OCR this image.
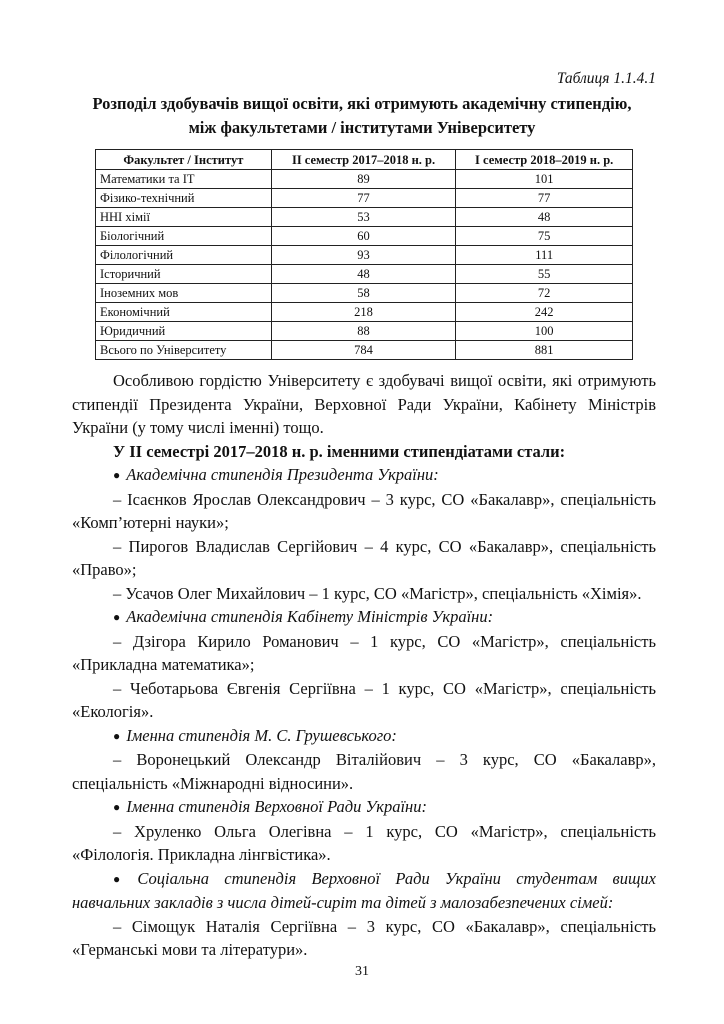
Таблиця 1.1.4.1
Розподіл здобувачів вищої освіти, які отримують академічну стипендію,
між факультетами / інститутами Університету
Факультет / Інститут	ІІ семестр 2017–2018 н. р.	І семестр 2018–2019 н. р.
Математики та ІТ	89	101
Фізико-технічний	77	77
ННІ хімії	53	48
Біологічний	60	75
Філологічний	93	111
Історичний	48	55
Іноземних мов	58	72
Економічний	218	242
Юридичний	88	100
Всього по Університету	784	881

Особливою гордістю Університету є здобувачі вищої освіти, які отримують стипендії Президента України, Верховної Ради України, Кабінету Міністрів України (у тому числі іменні) тощо.

У ІІ семестрі 2017–2018 н. р. іменними стипендіатами стали:

● Академічна стипендія Президента України:

– Ісаєнков Ярослав Олександрович – 3 курс, СО «Бакалавр», спеціальність «Комп’ютерні науки»;

– Пирогов Владислав Сергійович – 4 курс, СО «Бакалавр», спеціальність «Право»;

– Усачов Олег Михайлович – 1 курс, СО «Магістр», спеціальність «Хімія».

● Академічна стипендія Кабінету Міністрів України:

– Дзігора Кирило Романович – 1 курс, СО «Магістр», спеціальність «Прикладна математика»;

– Чеботарьова Євгенія Сергіївна – 1 курс, СО «Магістр», спеціальність «Екологія».

● Іменна стипендія М. С. Грушевського:

– Воронецький Олександр Віталійович – 3 курс, СО «Бакалавр», спеціальність «Міжнародні відносини».

● Іменна стипендія Верховної Ради України:

– Хруленко Ольга Олегівна – 1 курс, СО «Магістр», спеціальність «Філологія. Прикладна лінгвістика».

● Соціальна стипендія Верховної Ради України студентам вищих навчальних закладів з числа дітей-сиріт та дітей з малозабезпечених сімей:

– Сімощук Наталія Сергіївна – 3 курс, СО «Бакалавр», спеціальність «Германські мови та літератури».

31
